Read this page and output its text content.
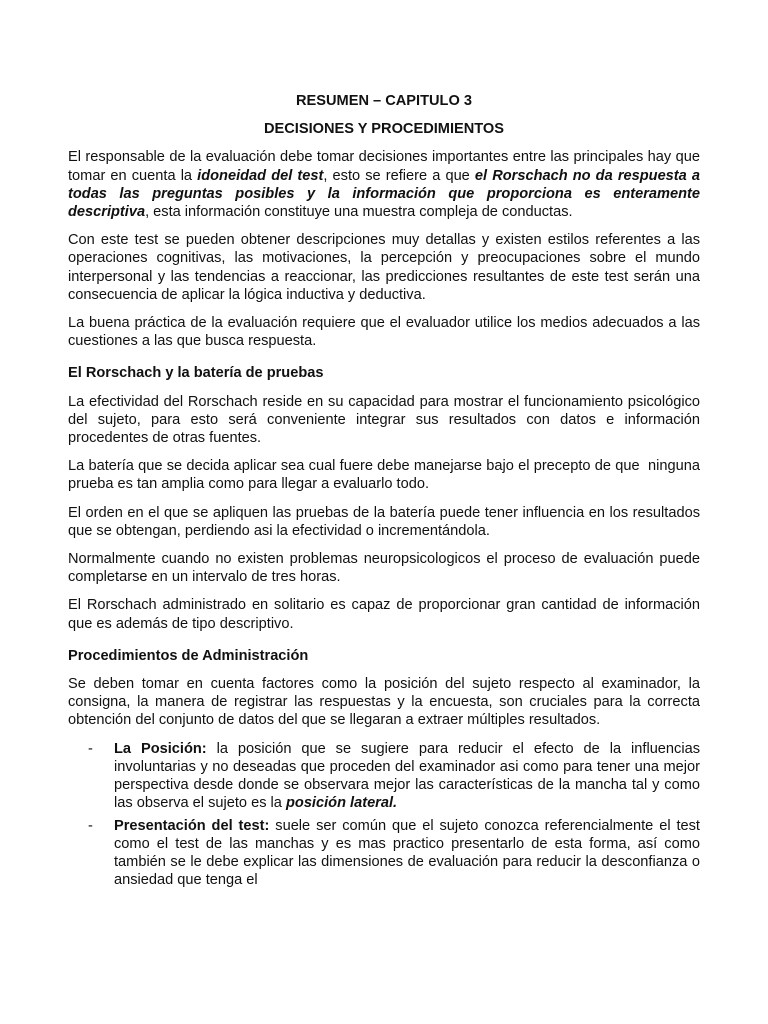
RESUMEN – CAPITULO 3

DECISIONES Y PROCEDIMIENTOS

El responsable de la evaluación debe tomar decisiones importantes entre las principales hay que tomar en cuenta la idoneidad del test, esto se refiere a que el Rorschach no da respuesta a todas las preguntas posibles y la información que proporciona es enteramente descriptiva, esta información constituye una muestra compleja de conductas.

Con este test se pueden obtener descripciones muy detallas y existen estilos referentes a las operaciones cognitivas, las motivaciones, la percepción y preocupaciones sobre el mundo interpersonal y las tendencias a reaccionar, las predicciones resultantes de este test serán una consecuencia de aplicar la lógica inductiva y deductiva.

La buena práctica de la evaluación requiere que el evaluador utilice los medios adecuados a las cuestiones a las que busca respuesta.

El Rorschach y la batería de pruebas

La efectividad del Rorschach reside en su capacidad para mostrar el funcionamiento psicológico del sujeto, para esto será conveniente integrar sus resultados con datos e información procedentes de otras fuentes.

La batería que se decida aplicar sea cual fuere debe manejarse bajo el precepto de que  ninguna prueba es tan amplia como para llegar a evaluarlo todo.

El orden en el que se apliquen las pruebas de la batería puede tener influencia en los resultados que se obtengan, perdiendo asi la efectividad o incrementándola.

Normalmente cuando no existen problemas neuropsicologicos el proceso de evaluación puede completarse en un intervalo de tres horas.

El Rorschach administrado en solitario es capaz de proporcionar gran cantidad de información que es además de tipo descriptivo.

Procedimientos de Administración

Se deben tomar en cuenta factores como la posición del sujeto respecto al examinador, la consigna, la manera de registrar las respuestas y la encuesta, son cruciales para la correcta obtención del conjunto de datos del que se llegaran a extraer múltiples resultados.

- La Posición: la posición que se sugiere para reducir el efecto de la influencias involuntarias y no deseadas que proceden del examinador asi como para tener una mejor perspectiva desde donde se observara mejor las características de la mancha tal y como las observa el sujeto es la posición lateral.
- Presentación del test: suele ser común que el sujeto conozca referencialmente el test como el test de las manchas y es mas practico presentarlo de esta forma, así como también se le debe explicar las dimensiones de evaluación para reducir la desconfianza o ansiedad que tenga el
